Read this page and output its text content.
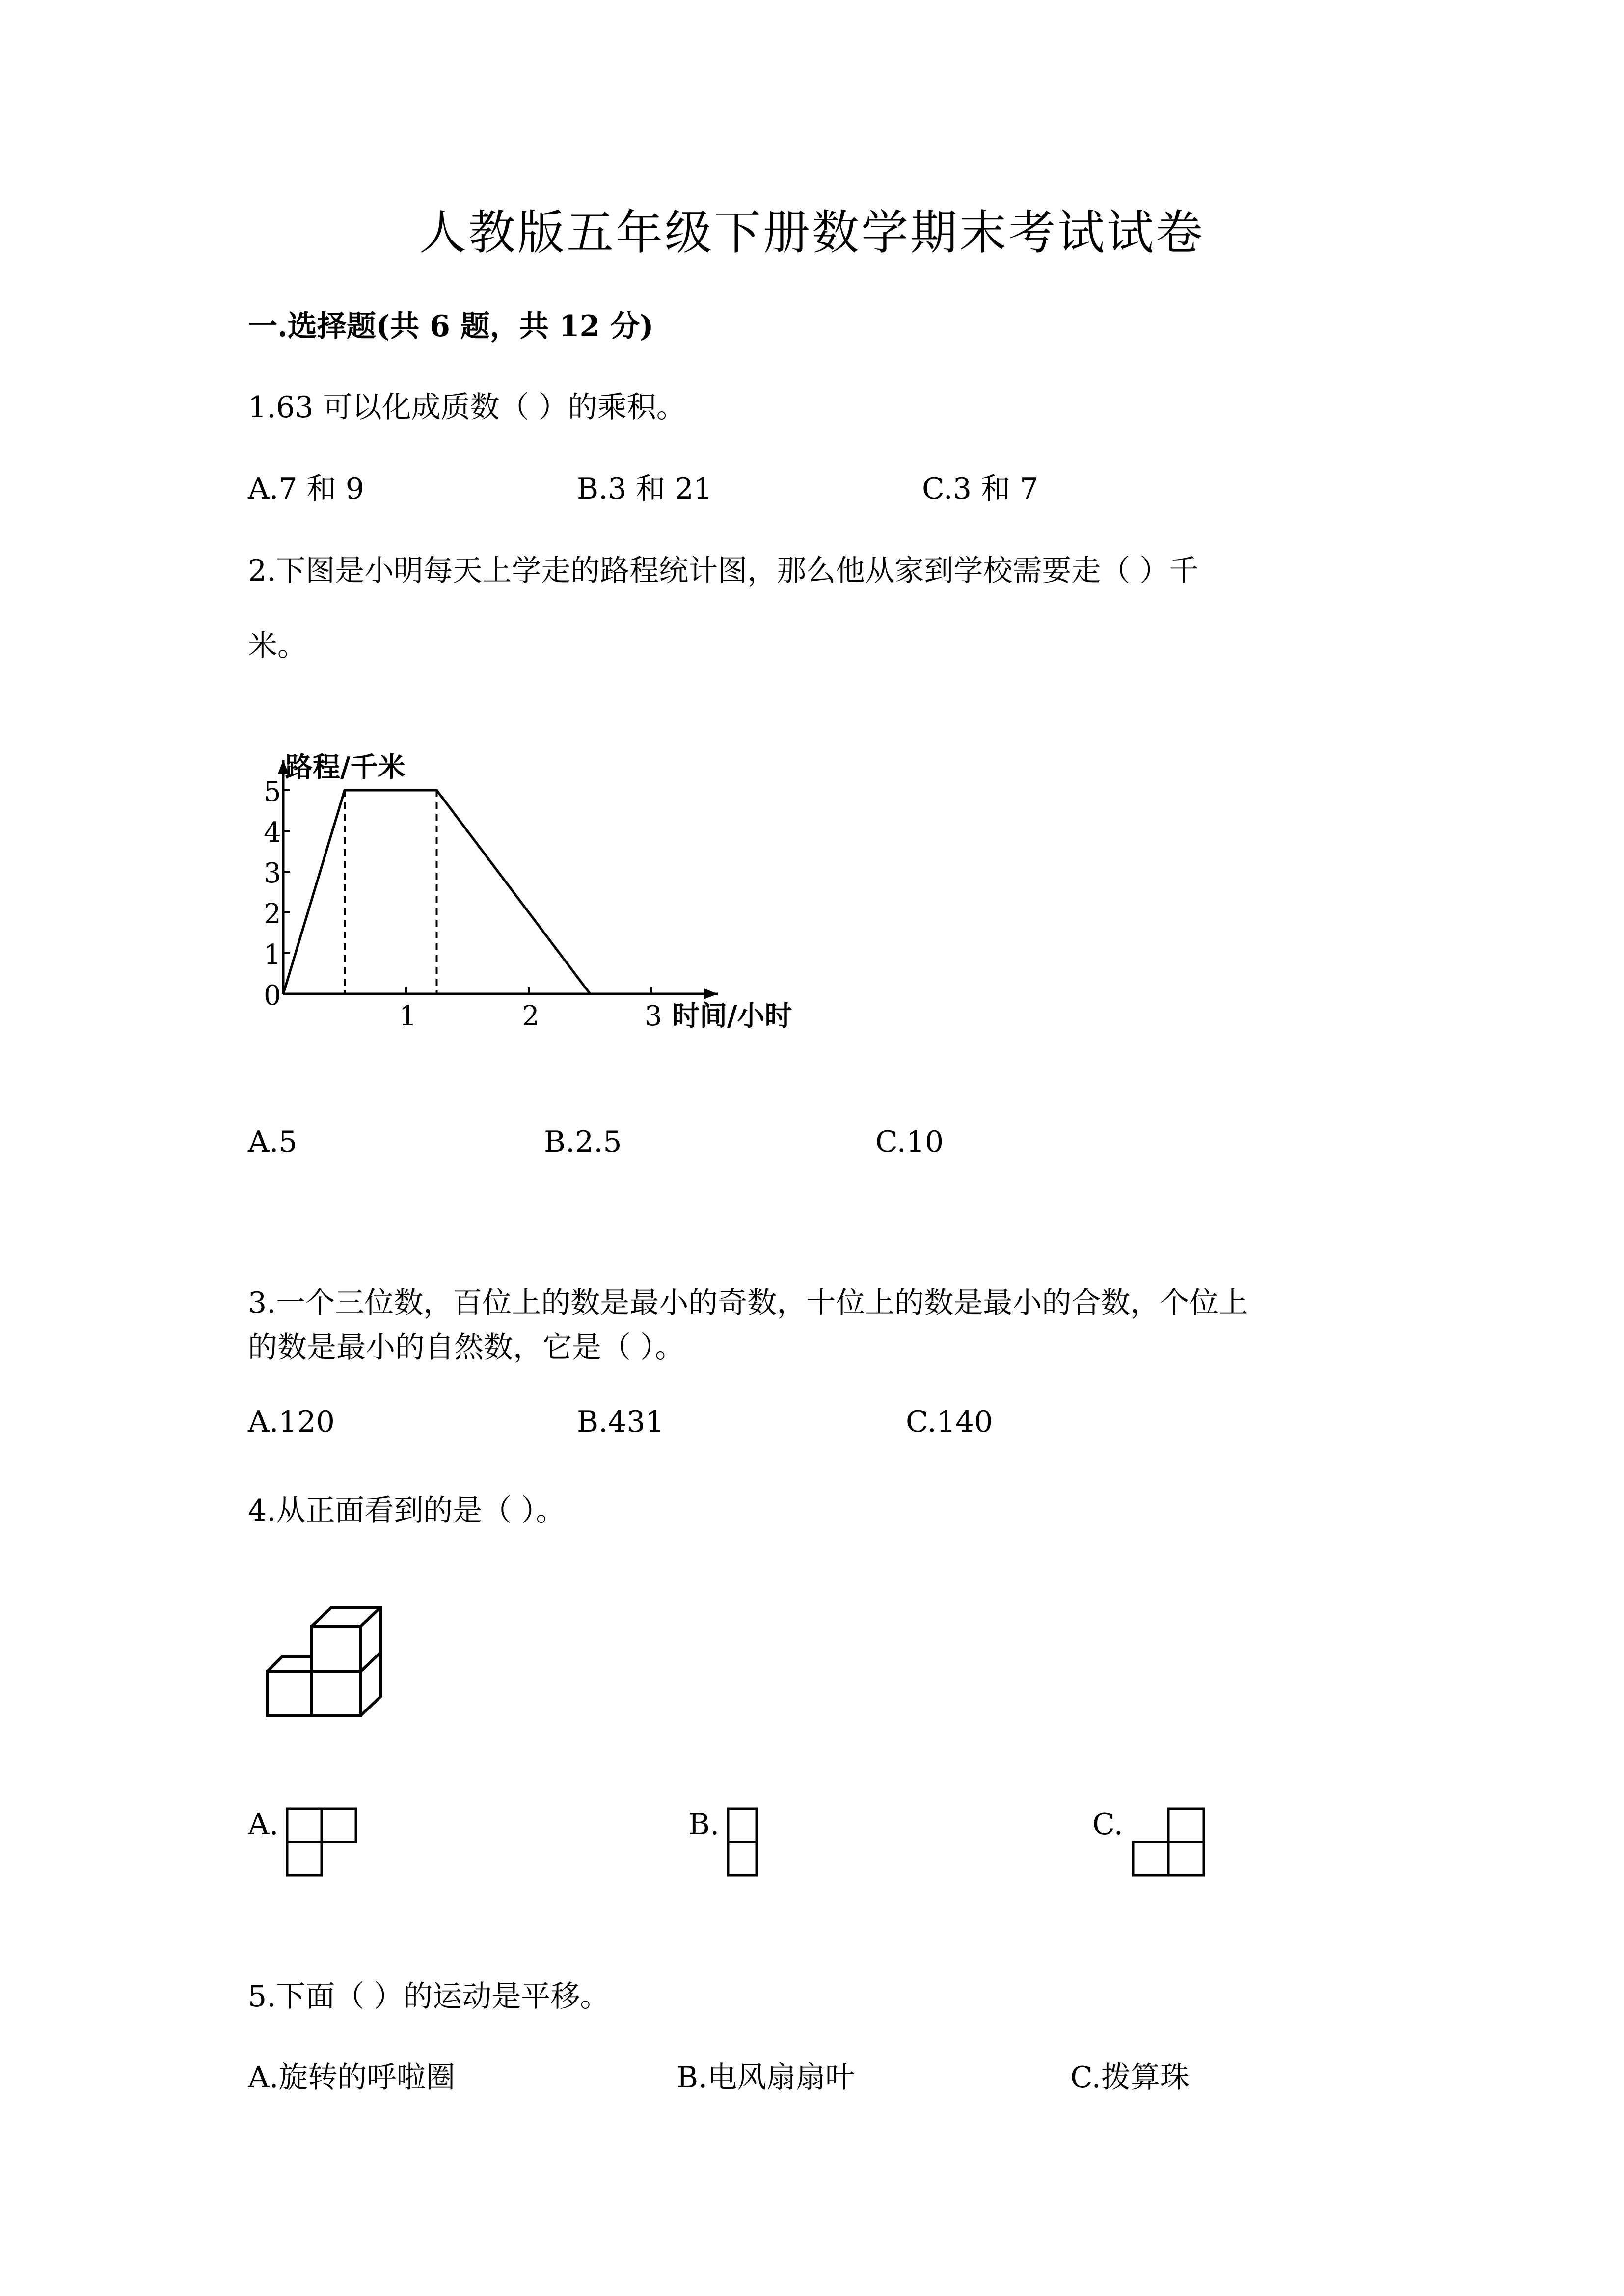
人教版五年级下册数学期末考试试卷
一.选择题(共 6 题，共 12 分)
1.63 可以化成质数（ ）的乘积。
A.7 和 9	B.3 和 21	C.3 和 7
2.下图是小明每天上学走的路程统计图，那么他从家到学校需要走（ ）千
米。
0
1
2
3
4
5
1	2	3
路程/千米
时间/小时
A.5	B.2.5	C.10
3.一个三位数，百位上的数是最小的奇数，十位上的数是最小的合数，个位上
的数是最小的自然数，它是（ ）。
A.120	B.431	C.140
4.从正面看到的是（ ）。
A.	B.	C.
5.下面（ ）的运动是平移。
A.旋转的呼啦圈	B.电风扇扇叶	C.拨算珠
